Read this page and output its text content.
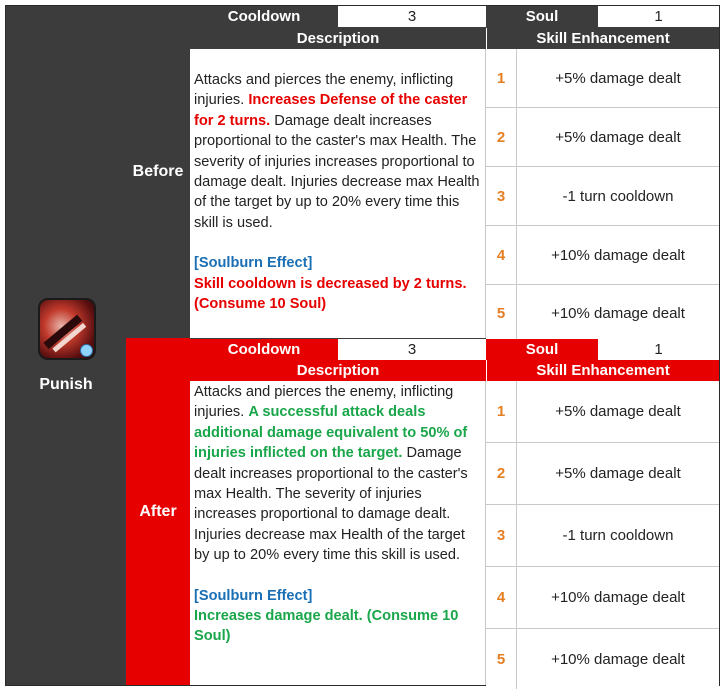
Punish
Before
After
Cooldown	3	Soul	1
Description	Skill Enhancement

Attacks and pierces the enemy, inflicting injuries. Increases Defense of the caster for 2 turns. Damage dealt increases proportional to the caster's max Health. The severity of injuries increases proportional to damage dealt. Injuries decrease max Health of the target by up to 20% every time this skill is used.

[Soulburn Effect]

Skill cooldown is decreased by 2 turns. (Consume 10 Soul)

1	+5% damage dealt
2	+5% damage dealt
3	-1 turn cooldown
4	+10% damage dealt
5	+10% damage dealt
Cooldown	3	Soul	1
Description	Skill Enhancement

Attacks and pierces the enemy, inflicting injuries. A successful attack deals additional damage equivalent to 50% of injuries inflicted on the target. Damage dealt increases proportional to the caster's max Health. The severity of injuries increases proportional to damage dealt. Injuries decrease max Health of the target by up to 20% every time this skill is used.

[Soulburn Effect]

Increases damage dealt. (Consume 10 Soul)

1	+5% damage dealt
2	+5% damage dealt
3	-1 turn cooldown
4	+10% damage dealt
5	+10% damage dealt
